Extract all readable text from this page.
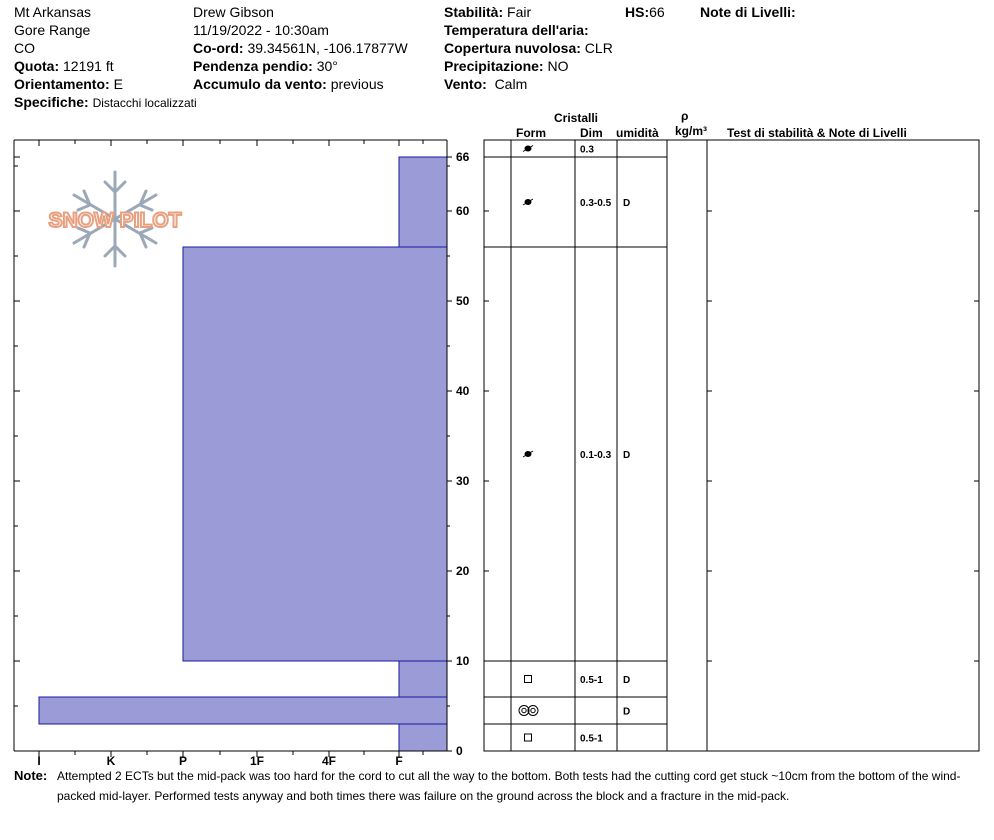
Mt Arkansas
Gore Range
CO
Quota: 12191 ft
Orientamento: E
Specifiche: Distacchi localizzati
Drew Gibson
11/19/2022 - 10:30am
Co-ord: 39.34561N, -106.17877W
Pendenza pendio: 30°
Accumulo da vento: previous
Stabilità: Fair	HS:66
Temperatura dell'aria:
Copertura nuvolosa: CLR
Precipitazione: NO
Vento: Calm
Note di Livelli:
Cristalli
Form	Dim umidità
ρ
kg/m³ Test di stabilità & Note di Livelli
SNOW PILOT
66
60
50
40
30
20
10
0
I	K	P	1F	4F	F
0.3
0.3-0.5 D
0.1-0.3 D
0.5-1 D
D
0.5-1
Note: Attempted 2 ECTs but the mid-pack was too hard for the cord to cut all the way to the bottom. Both tests had the cutting cord get stuck ~10cm from the bottom of the wind-packed mid-layer. Performed tests anyway and both times there was failure on the ground across the block and a fracture in the mid-pack.
